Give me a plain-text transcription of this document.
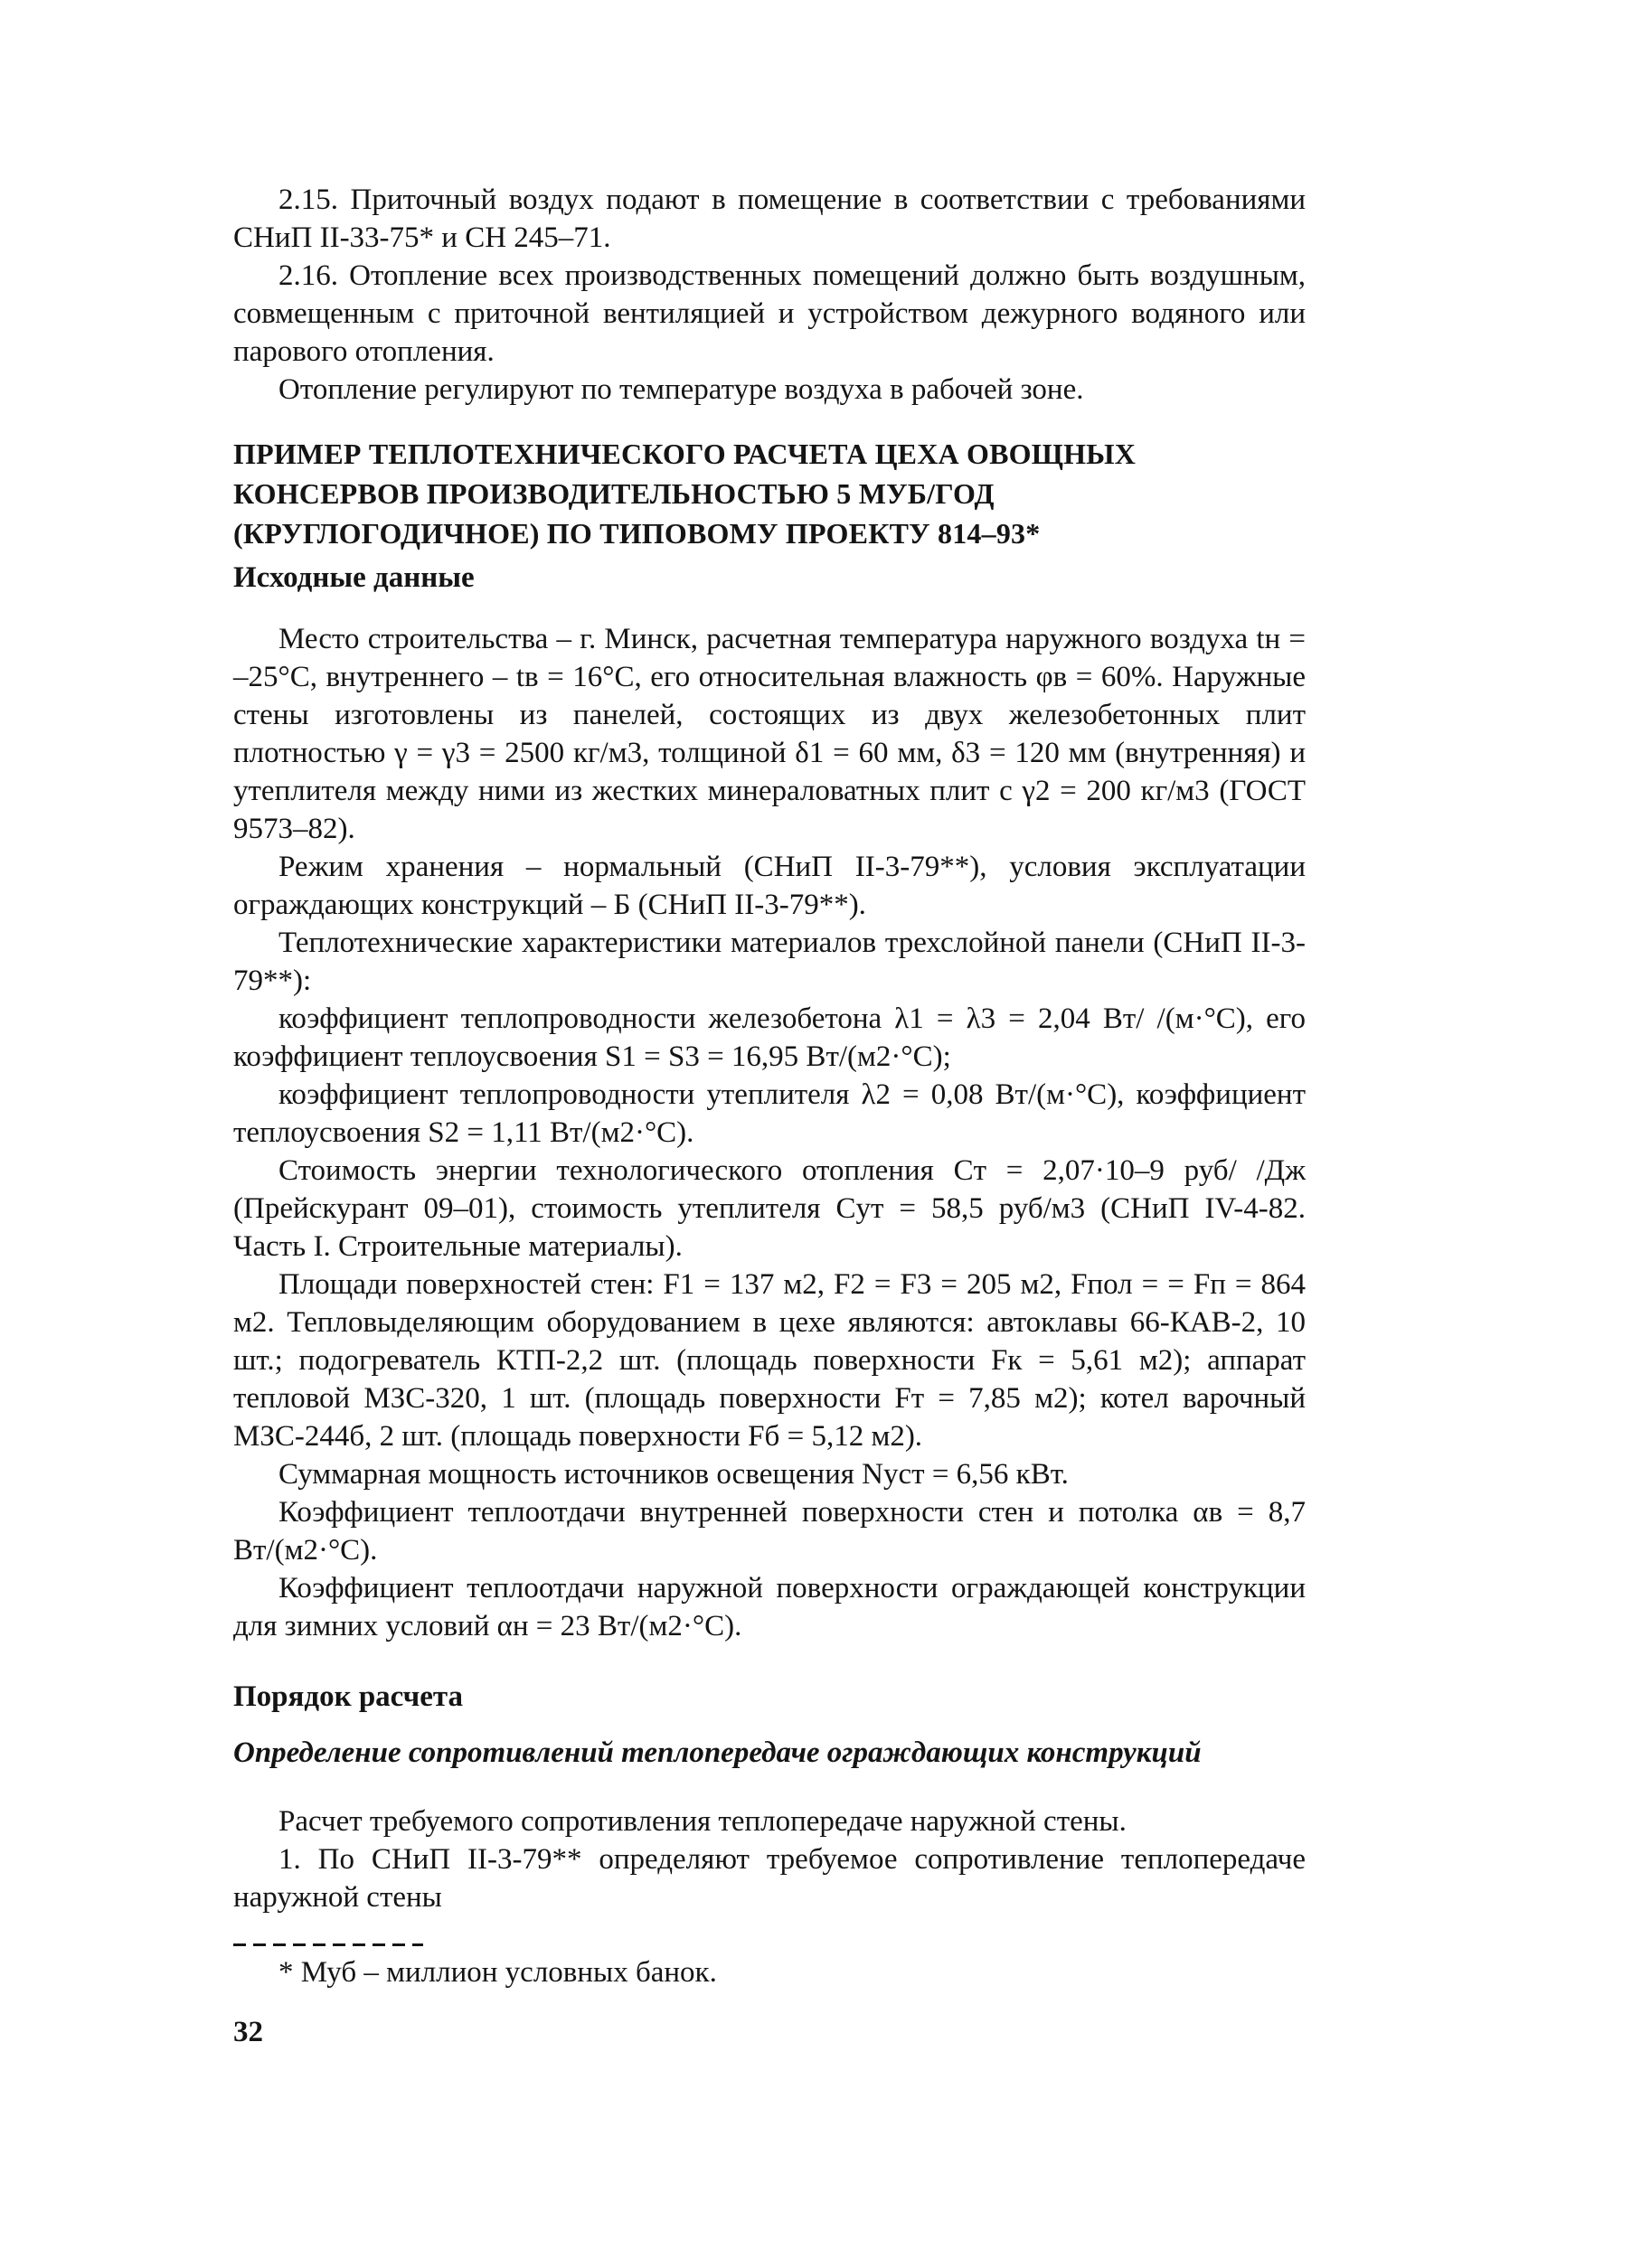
2.15. Приточный воздух подают в помещение в соответствии с требованиями СНиП II-33-75* и СН 245–71.

2.16. Отопление всех производственных помещений должно быть воздушным, совмещенным с приточной вентиляцией и устройством дежурного водяного или парового отопления.

Отопление регулируют по температуре воздуха в рабочей зоне.

ПРИМЕР ТЕПЛОТЕХНИЧЕСКОГО РАСЧЕТА ЦЕХА ОВОЩНЫХ КОНСЕРВОВ ПРОИЗВОДИТЕЛЬНОСТЬЮ 5 МУБ/ГОД (КРУГЛОГОДИЧНОЕ) ПО ТИПОВОМУ ПРОЕКТУ 814–93*
Исходные данные

Место строительства – г. Минск, расчетная температура наружного воздуха tн = –25°C, внутреннего – tв = 16°C, его относительная влажность φв = 60%. Наружные стены изготовлены из панелей, состоящих из двух железобетонных плит плотностью γ = γ3 = 2500 кг/м3, толщиной δ1 = 60 мм, δ3 = 120 мм (внутренняя) и утеплителя между ними из жестких минераловатных плит с γ2 = 200 кг/м3 (ГОСТ 9573–82).

Режим хранения – нормальный (СНиП II-3-79**), условия эксплуатации ограждающих конструкций – Б (СНиП II-3-79**).

Теплотехнические характеристики материалов трехслойной панели (СНиП II-3-79**):

коэффициент теплопроводности железобетона λ1 = λ3 = 2,04 Вт/ /(м·°C), его коэффициент теплоусвоения S1 = S3 = 16,95 Вт/(м2·°C);

коэффициент теплопроводности утеплителя λ2 = 0,08 Вт/(м·°C), коэффициент теплоусвоения S2 = 1,11 Вт/(м2·°C).

Стоимость энергии технологического отопления Cт = 2,07·10–9 руб/ /Дж (Прейскурант 09–01), стоимость утеплителя Cут = 58,5 руб/м3 (СНиП IV-4-82. Часть I. Строительные материалы).

Площади поверхностей стен: F1 = 137 м2, F2 = F3 = 205 м2, Fпол = = Fп = 864 м2. Тепловыделяющим оборудованием в цехе являются: автоклавы 66-КАВ-2, 10 шт.; подогреватель КТП-2,2 шт. (площадь поверхности Fк = 5,61 м2); аппарат тепловой МЗС-320, 1 шт. (площадь поверхности Fт = 7,85 м2); котел варочный МЗС-244б, 2 шт. (площадь поверхности Fб = 5,12 м2).

Суммарная мощность источников освещения Nуст = 6,56 кВт.

Коэффициент теплоотдачи внутренней поверхности стен и потолка αв = 8,7 Вт/(м2·°C).

Коэффициент теплоотдачи наружной поверхности ограждающей конструкции для зимних условий αн = 23 Вт/(м2·°C).

Порядок расчета
Определение сопротивлений теплопередаче ограждающих конструкций

Расчет требуемого сопротивления теплопередаче наружной стены.

1. По СНиП II-3-79** определяют требуемое сопротивление теплопередаче наружной стены

* Муб – миллион условных банок.

32
